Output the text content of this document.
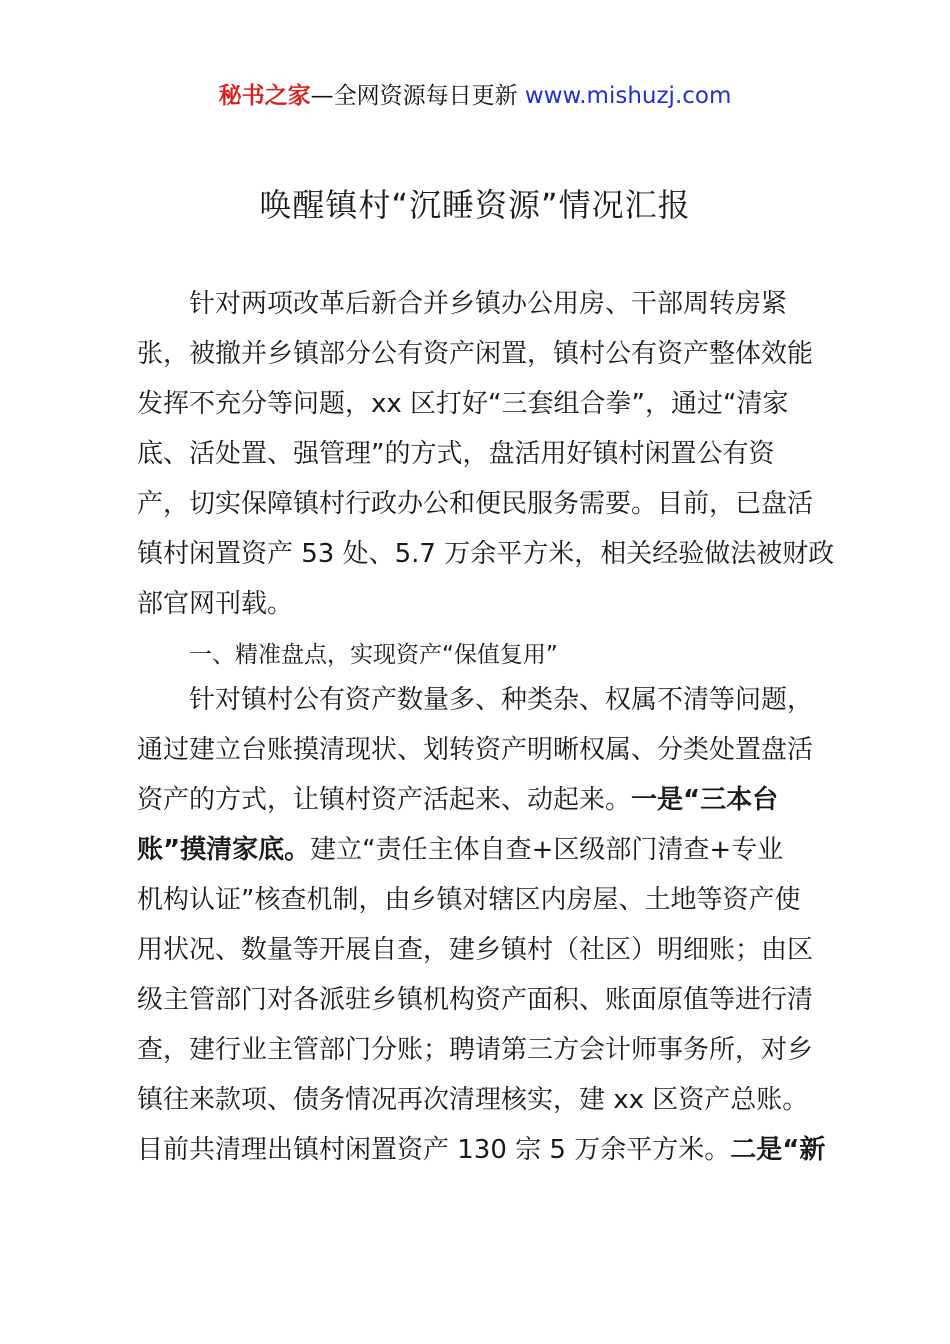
秘书之家—全网资源每日更新 www.mishuzj.com
唤醒镇村“沉睡资源”情况汇报
针对两项改革后新合并乡镇办公用房、干部周转房紧
张，被撤并乡镇部分公有资产闲置，镇村公有资产整体效能
发挥不充分等问题，xx 区打好“三套组合拳”，通过“清家
底、活处置、强管理”的方式，盘活用好镇村闲置公有资
产，切实保障镇村行政办公和便民服务需要。目前，已盘活
镇村闲置资产 53 处、5.7 万余平方米，相关经验做法被财政
部官网刊载。
一、精准盘点，实现资产“保值复用”
针对镇村公有资产数量多、种类杂、权属不清等问题，
通过建立台账摸清现状、划转资产明晰权属、分类处置盘活
资产的方式，让镇村资产活起来、动起来。一是“三本台
账”摸清家底。建立“责任主体自查+区级部门清查+专业
机构认证”核查机制，由乡镇对辖区内房屋、土地等资产使
用状况、数量等开展自查，建乡镇村（社区）明细账；由区
级主管部门对各派驻乡镇机构资产面积、账面原值等进行清
查，建行业主管部门分账；聘请第三方会计师事务所，对乡
镇往来款项、债务情况再次清理核实，建 xx 区资产总账。
目前共清理出镇村闲置资产 130 宗 5 万余平方米。二是“新
